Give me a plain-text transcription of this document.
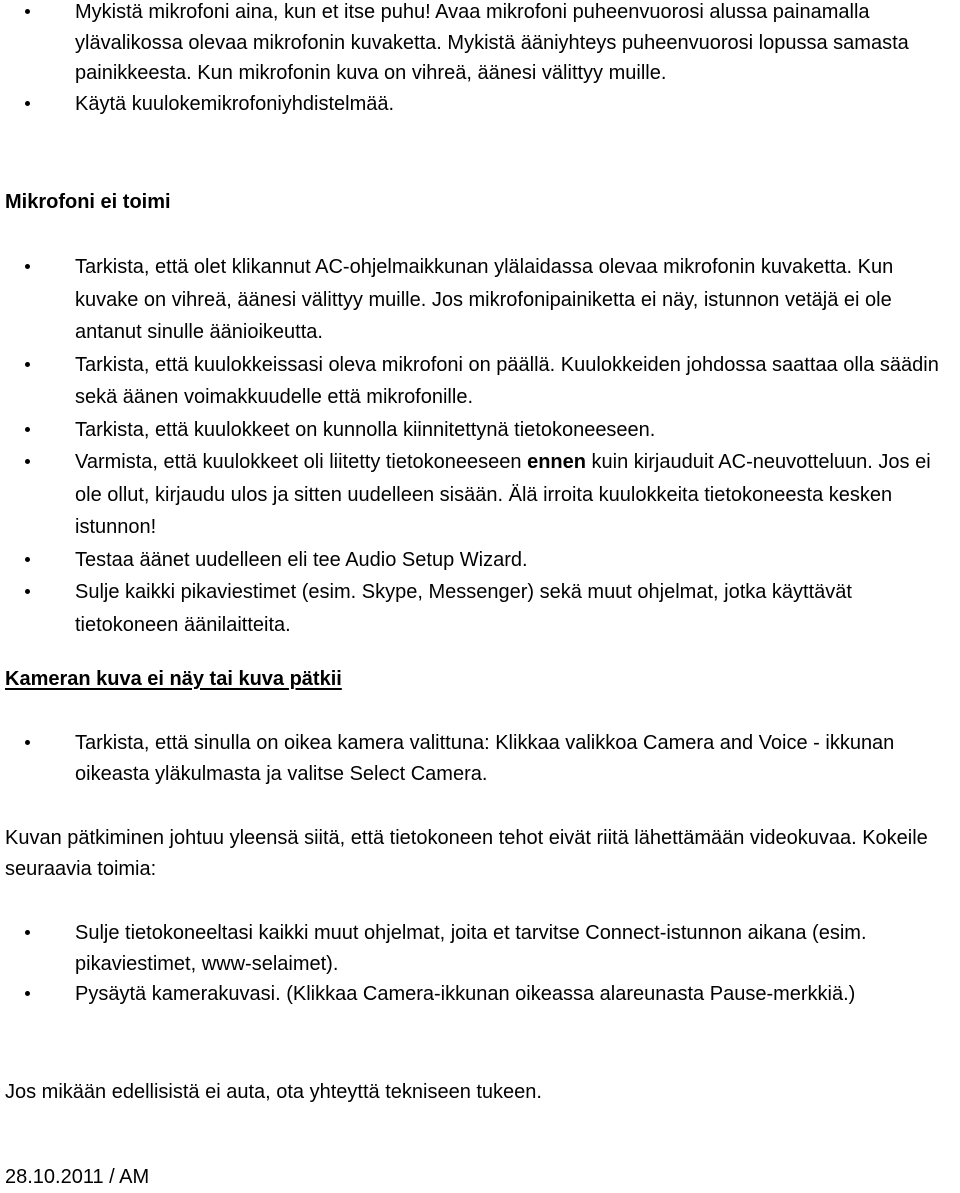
Mykistä mikrofoni aina, kun et itse puhu! Avaa mikrofoni puheenvuorosi alussa painamalla ylävalikossa olevaa mikrofonin kuvaketta. Mykistä ääniyhteys puheenvuorosi lopussa samasta painikkeesta. Kun mikrofonin kuva on vihreä, äänesi välittyy muille.
Käytä kuulokemikrofoniyhdistelmää.
Mikrofoni ei toimi
Tarkista, että olet klikannut AC-ohjelmaikkunan ylälaidassa olevaa mikrofonin kuvaketta. Kun kuvake on vihreä, äänesi välittyy muille. Jos mikrofonipainiketta ei näy, istunnon vetäjä ei ole antanut sinulle äänioikeutta.
Tarkista, että kuulokkeissasi oleva mikrofoni on päällä. Kuulokkeiden johdossa saattaa olla säädin sekä äänen voimakkuudelle että mikrofonille.
Tarkista, että kuulokkeet on kunnolla kiinnitettynä tietokoneeseen.
Varmista, että kuulokkeet oli liitetty tietokoneeseen ennen kuin kirjauduit AC-neuvotteluun. Jos ei ole ollut, kirjaudu ulos ja sitten uudelleen sisään. Älä irroita kuulokkeita tietokoneesta kesken istunnon!
Testaa äänet uudelleen eli tee Audio Setup Wizard.
Sulje kaikki pikaviestimet (esim. Skype, Messenger) sekä muut ohjelmat, jotka käyttävät tietokoneen äänilaitteita.
Kameran kuva ei näy tai kuva pätkii
Tarkista, että sinulla on oikea kamera valittuna: Klikkaa valikkoa Camera and Voice - ikkunan oikeasta yläkulmasta ja valitse Select Camera.
Kuvan pätkiminen johtuu yleensä siitä, että tietokoneen tehot eivät riitä lähettämään videokuvaa. Kokeile seuraavia toimia:
Sulje tietokoneeltasi kaikki muut ohjelmat, joita et tarvitse Connect-istunnon aikana (esim. pikaviestimet, www-selaimet).
Pysäytä kamerakuvasi. (Klikkaa Camera-ikkunan oikeassa alareunasta Pause-merkkiä.)
Jos mikään edellisistä ei auta, ota yhteyttä tekniseen tukeen.
28.10.2011 / AM
